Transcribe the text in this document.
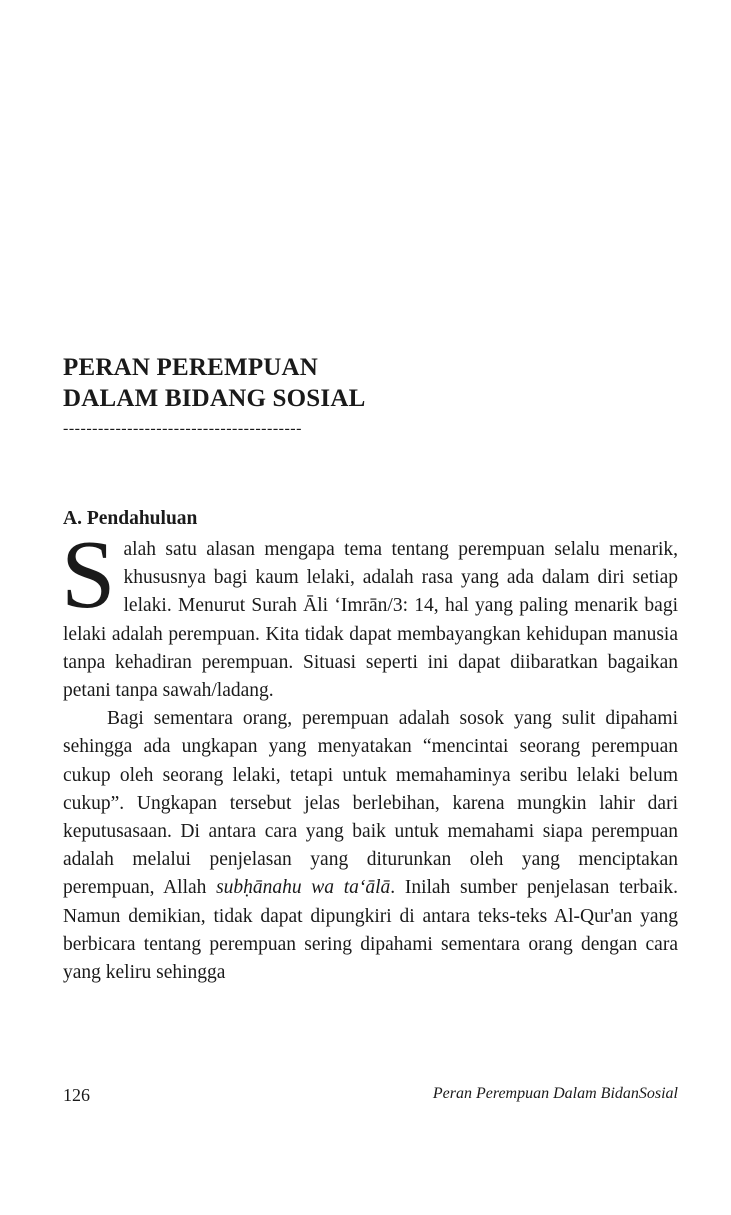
PERAN PEREMPUAN
DALAM BIDANG SOSIAL
-----------------------------------------
A. Pendahuluan

Salah satu alasan mengapa tema tentang perempuan selalu menarik, khususnya bagi kaum lelaki, adalah rasa yang ada dalam diri setiap lelaki. Menurut Surah Āli ‘Imrān/3: 14, hal yang paling menarik bagi lelaki adalah perempuan. Kita tidak dapat membayangkan kehidupan manusia tanpa kehadiran perempuan. Situasi seperti ini dapat diibaratkan bagaikan petani tanpa sawah/ladang.

Bagi sementara orang, perempuan adalah sosok yang sulit dipahami sehingga ada ungkapan yang menyatakan “mencintai seorang perempuan cukup oleh seorang lelaki, tetapi untuk memahaminya seribu lelaki belum cukup”. Ungkapan tersebut jelas berlebihan, karena mungkin lahir dari keputusasaan. Di antara cara yang baik untuk memahami siapa perempuan adalah melalui penjelasan yang diturunkan oleh yang menciptakan perempuan, Allah subḥānahu wa ta‘ālā. Inilah sumber penjelasan terbaik. Namun demikian, tidak dapat dipungkiri di antara teks-teks Al-Qur'an yang berbicara tentang perempuan sering dipahami sementara orang dengan cara yang keliru sehingga

126	Peran Perempuan Dalam BidanSosial
